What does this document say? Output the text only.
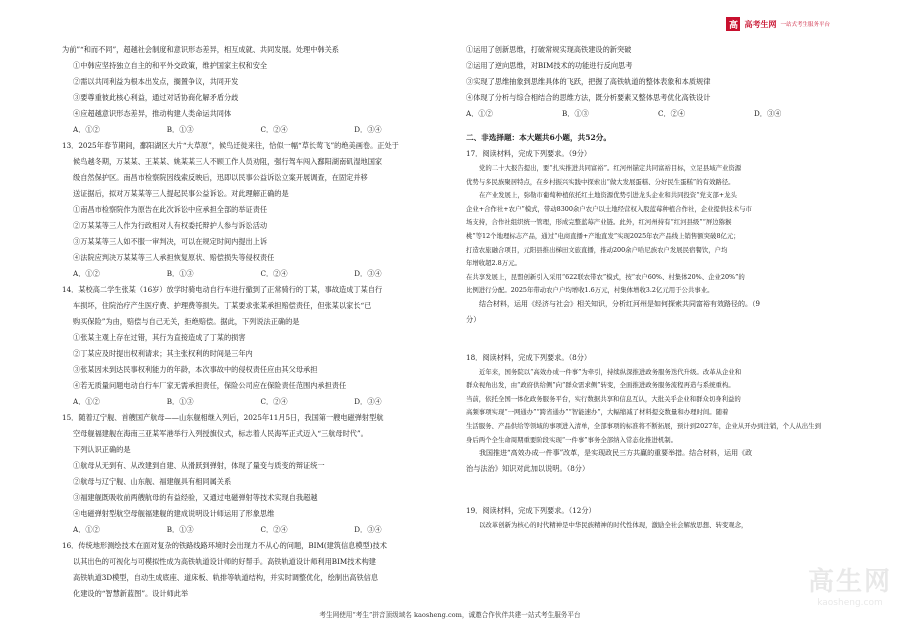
高 高考生网 一站式考生服务平台
为前”“和而不同”，超越社会制度和意识形态差异，相互成就、共同发展。处理中韩关系
①中韩应坚持独立自主的和平外交政策，维护国家主权和安全
②需以共同利益为根本出发点，搁置争议，共同开发
③要尊重彼此核心利益，通过对话协商化解矛盾分歧
④应超越意识形态差异，推动构建人类命运共同体
A．①②	B．①③	C．②④	D．③④
13．2025年春节期间，鄱阳湖区大片“大草原”，候鸟迁徙来往，恰似一幅“草长莺飞”的绝美画卷。正处于
候鸟越冬期，万某某、王某某、姚某某三人不顾工作人员劝阻，强行驾车闯入鄱阳湖南矶湿地国家
级自然保护区。南昌市检察院因线索反映后，迅即以民事公益诉讼立案开展调查，在固定并移
送证据后，拟对万某某等三人提起民事公益诉讼。对此理解正确的是
①南昌市检察院作为原告在此次诉讼中应承担全部的举证责任
②万某某等三人作为行政相对人有权委托辩护人参与诉讼活动
③万某某等三人如不服一审判决，可以在规定时间内提出上诉
④法院应判决万某某等三人承担恢复原状、赔偿损失等侵权责任
A．①②	B．①③	C．②④	D．③④
14．某校高二学生张某（16岁）放学时骑电动自行车进行撤到了正常骑行的丁某，事故造成丁某自行
车损坏，住院治疗产生医疗费、护理费等损失。丁某要求张某承担赔偿责任，但张某以家长“已
购买保险”为由，赔偿与自己无关，拒绝赔偿。据此，下列说法正确的是
①张某主观上存在过错，其行为直接造成了丁某的损害
②丁某应及时提出权利请求；其主张权利的时间是三年内
③张某因未到达民事权利能力的年龄，本次事故中的侵权责任应由其父母承担
④若无质量问题电动自行车厂家无需承担责任，保险公司应在保险责任范围内承担责任
A．①②	B．①③	C．②④	D．③④
15．随着辽宁舰、首艘国产航母——山东舰相继入列后，2025年11月5日，我国第一艘电磁弹射型航
空母舰福建舰在海南三亚某军港举行入列授旗仪式，标志着人民海军正式迈入“三航母时代”。
下列认识正确的是
①航母从无到有、从改建到自建、从滑跃到弹射，体现了量变与质变的辩证统一
②航母与辽宁舰、山东舰、福建舰具有相同属关系
③福建舰既吸收前两艘航母的有益经验，又通过电磁弹射等技术实现自我超越
④电磁弹射型航空母舰福建舰的建成说明设计师运用了形象思维
A．①②	B．①③	C．②④	D．③④
16．传统地形测绘技术在面对复杂的铁路线路环境时会出现力不从心的问题，BIM(建筑信息模型)技术
以其出色的可视化与可模拟性成为高铁轨道设计师的好帮手。高铁轨道设计师利用BIM技术构建
高铁轨道3D模型，自动生成底座、道床板、轨排等轨道结构，并实时调整优化，绘制出高铁信息
化建设的“智慧新蓝图”。设计师此举
①运用了创新思维，打破常规实现高铁建设的新突破
②运用了逆向思维，对BIM技术的功能进行反向思考
③实现了思维抽象到思维具体的飞跃，把握了高铁轨道的整体表象和本质规律
④体现了分析与综合相结合的思维方法，既分析要素又整体思考优化高铁设计
A．①②	B．①③	C．②④	D．③④
二、非选择题：本大题共6小题，共52分。
17．阅读材料，完成下列要求。（9分）
党的二十大报告提出，要“扎实推进共同富裕”。红河州锚定共同富裕目标，立足县域产业资源
优势与多民族聚居特点，在乡村振兴实践中探索出“做大发展蛋糕、分好民生蛋糕”的有效路径。
在产业发展上，弥勒市葡萄种植依托红土地资源优势引进龙头企业和共同投资“党支部+龙头
企业+合作社+农户”模式，带动8300余户农户以土地经营权入股蓝莓种植合作社，企业提供技术与市
场支持，合作社组织统一管理，形成完整蓝莓产业链。此外，红河州持有“红河县级”“屏边猕猴
桃”等12个地理标志产品，通过“电商直播+产地直发”实现2025年农产品线上销售额突破8亿元；
打造农旅融合项目，元阳县推出梯田文旅直播，推动200余户哈尼族农户发展民宿餐饮，户均
年增收超2.8万元。
在共享发展上，昆盟创新引入采用“622联农带农”模式，按“农户60%、村集体20%、企业20%”的
比例进行分配。2025年带动农户户均增收1.6万元，村集体增收3.2亿元用于公共事业。
结合材料，运用《经济与社会》相关知识，分析红河州是如何探索共同富裕有效路径的。（9
分）
18．阅读材料，完成下列要求。（8分）
近年来，国务院以“高效办成一件事”为牵引，持续纵深推进政务服务迭代升级。改革从企业和
群众视角出发，由“政府供给侧”向“群众需求侧”转变，全面推进政务服务流程再造与系统重构。
当前，依托全国一体化政务服务平台，实行数据共享和信息互认，大批关乎企业和群众切身利益的
高频事项实现“一网通办”“跨省通办”“智能速办”，大幅缩减了材料提交数量和办理时间。随着
生活服务、产品供给等领域的事项进入清单，全部事项的标准将不断拓展，预计到2027年，企业从开办到注销，个人从出生到
身后两个全生命周期重要阶段实现“一件事”事务全部纳入常态化推进机制。
我国推进“高效办成一件事”改革，是实现政民三方共赢的重要举措。结合材料，运用《政
治与法治》知识对此加以说明。（8分）
19．阅读材料，完成下列要求。（12分）
以改革创新为核心的时代精神是中华民族精神的时代性体现，激励全社会解放思想、转变观念，
高生网
kaosheng.com
考生网使用“考生”拼音顶级域名 kaosheng.com，诚邀合作伙伴共建一站式考生服务平台
